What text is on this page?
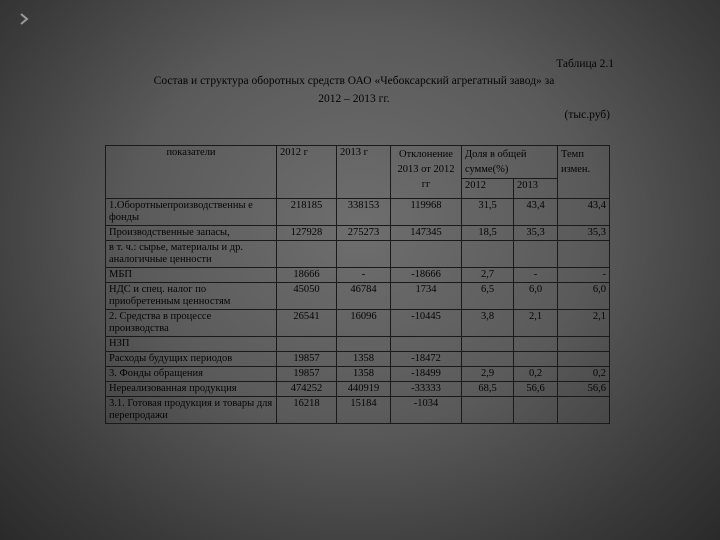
Таблица 2.1
Состав и структура оборотных средств ОАО «Чебоксарский агрегатный завод» за
2012 – 2013 гг.
(тыс.руб)
показатели	2012 г	2013 г	Отклонение 2013 от 2012 гг	Доля в общей сумме(%)		Темп измен.
				2012	2013	
1.Оборотныепроизводственны е фонды	218185	338153	119968	31,5	43,4	43,4
Производственные запасы,	127928	275273	147345	18,5	35,3	35,3
в т. ч.: сырье, материалы и др. аналогичные ценности						
МБП	18666	-	-18666	2,7	-	-
НДС и спец. налог по приобретенным ценностям	45050	46784	1734	6,5	6,0	6,0
2. Средства в процессе производства	26541	16096	-10445	3,8	2,1	2,1
НЗП						
Расходы будущих периодов	19857	1358	-18472			
3. Фонды обращения	19857	1358	-18499	2,9	0,2	0,2
Нереализованная продукция	474252	440919	-33333	68,5	56,6	56,6
3.1. Готовая продукция и товары для перепродажи	16218	15184	-1034			
